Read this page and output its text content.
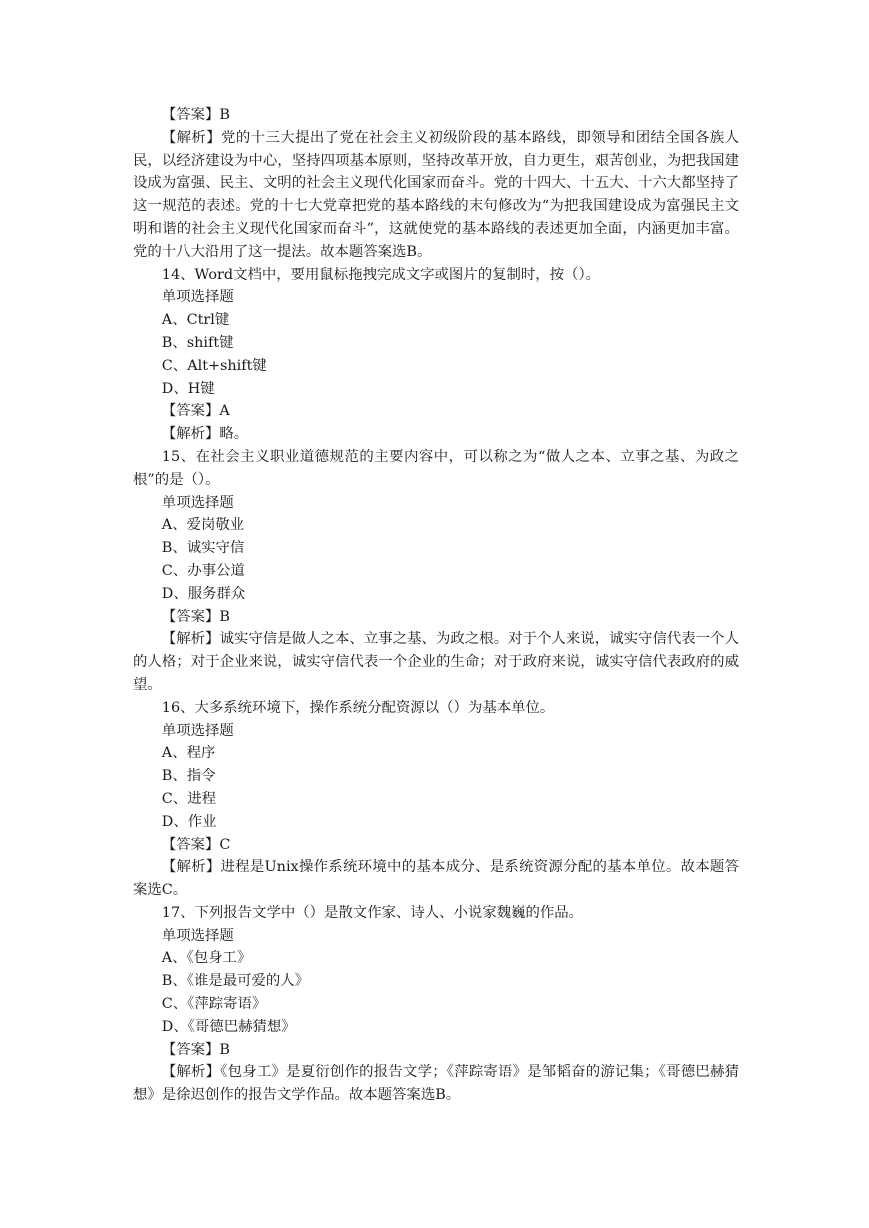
【答案】B

【解析】党的十三大提出了党在社会主义初级阶段的基本路线，即领导和团结全国各族人民，以经济建设为中心，坚持四项基本原则，坚持改革开放，自力更生，艰苦创业，为把我国建设成为富强、民主、文明的社会主义现代化国家而奋斗。党的十四大、十五大、十六大都坚持了这一规范的表述。党的十七大党章把党的基本路线的末句修改为“为把我国建设成为富强民主文明和谐的社会主义现代化国家而奋斗”，这就使党的基本路线的表述更加全面，内涵更加丰富。党的十八大沿用了这一提法。故本题答案选B。

14、Word文档中，要用鼠标拖拽完成文字或图片的复制时，按（）。

单项选择题

A、Ctrl键

B、shift键

C、Alt+shift键

D、H键

【答案】A

【解析】略。

15、在社会主义职业道德规范的主要内容中，可以称之为“做人之本、立事之基、为政之根”的是（）。

单项选择题

A、爱岗敬业

B、诚实守信

C、办事公道

D、服务群众

【答案】B

【解析】诚实守信是做人之本、立事之基、为政之根。对于个人来说，诚实守信代表一个人的人格；对于企业来说，诚实守信代表一个企业的生命；对于政府来说，诚实守信代表政府的威望。

16、大多系统环境下，操作系统分配资源以（）为基本单位。

单项选择题

A、程序

B、指令

C、进程

D、作业

【答案】C

【解析】进程是Unix操作系统环境中的基本成分、是系统资源分配的基本单位。故本题答案选C。

17、下列报告文学中（）是散文作家、诗人、小说家魏巍的作品。

单项选择题

A、《包身工》

B、《谁是最可爱的人》

C、《萍踪寄语》

D、《哥德巴赫猜想》

【答案】B

【解析】《包身工》是夏衍创作的报告文学；《萍踪寄语》是邹韬奋的游记集；《哥德巴赫猜想》是徐迟创作的报告文学作品。故本题答案选B。
